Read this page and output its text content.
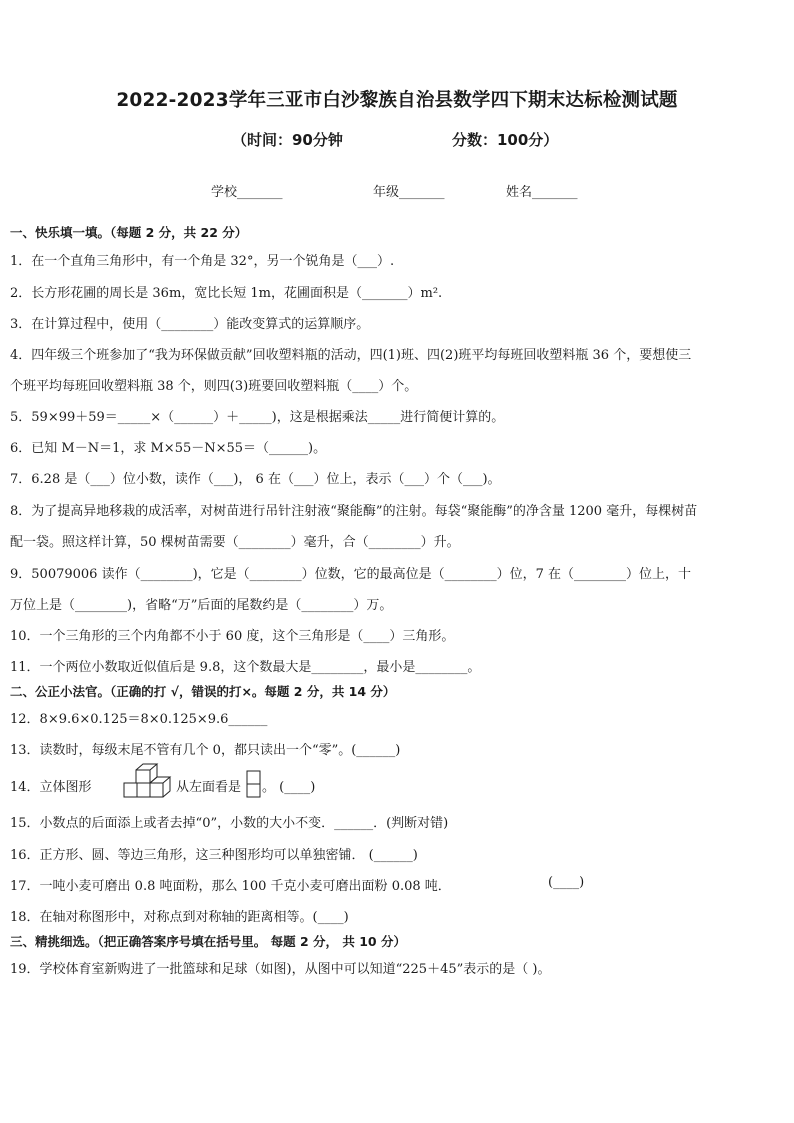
2022-2023学年三亚市白沙黎族自治县数学四下期末达标检测试题
（时间：90分钟	分数：100分）
学校_______	年级_______	姓名_______
一、快乐填一填。（每题 2 分，共 22 分）
1．在一个直角三角形中，有一个角是 32°，另一个锐角是（___）.
2．长方形花圃的周长是 36m，宽比长短 1m，花圃面积是（_______）m².
3．在计算过程中，使用（________）能改变算式的运算顺序。
4．四年级三个班参加了“我为环保做贡献”回收塑料瓶的活动，四(1)班、四(2)班平均每班回收塑料瓶 36 个，要想使三
个班平均每班回收塑料瓶 38 个，则四(3)班要回收塑料瓶（____）个。
5．59×99＋59＝_____×（______）＋_____)，这是根据乘法_____进行简便计算的。
6．已知 M－N＝1，求 M×55－N×55＝（______)。
7．6.28 是（___）位小数，读作（___)， 6 在（___）位上，表示（___）个（___)。
8．为了提高异地移栽的成活率，对树苗进行吊针注射液“聚能酶”的注射。每袋“聚能酶”的净含量 1200 毫升，每棵树苗
配一袋。照这样计算，50 棵树苗需要（________）毫升，合（________）升。
9．50079006 读作（________)，它是（________）位数，它的最高位是（________）位，7 在（________）位上，十
万位上是（________)，省略“万”后面的尾数约是（________）万。
10．一个三角形的三个内角都不小于 60 度，这个三角形是（____）三角形。
11．一个两位小数取近似值后是 9.8，这个数最大是________，最小是________。
二、公正小法官。（正确的打 √，错误的打×。每题 2 分，共 14 分）
12．8×9.6×0.125＝8×0.125×9.6______
13．读数时，每级末尾不管有几个 0，都只读出一个“零”。(______)
14．立体图形	从左面看是 。 (____)
15．小数点的后面添上或者去掉“0”，小数的大小不变．______．(判断对错)
16．正方形、圆、等边三角形，这三种图形均可以单独密铺． (______)
17．一吨小麦可磨出 0.8 吨面粉，那么 100 千克小麦可磨出面粉 0.08 吨．	(____)
18．在轴对称图形中，对称点到对称轴的距离相等。(____)
三、精挑细选。（把正确答案序号填在括号里。 每题 2 分， 共 10 分）
19．学校体育室新购进了一批篮球和足球（如图)，从图中可以知道“225＋45”表示的是（ )。
